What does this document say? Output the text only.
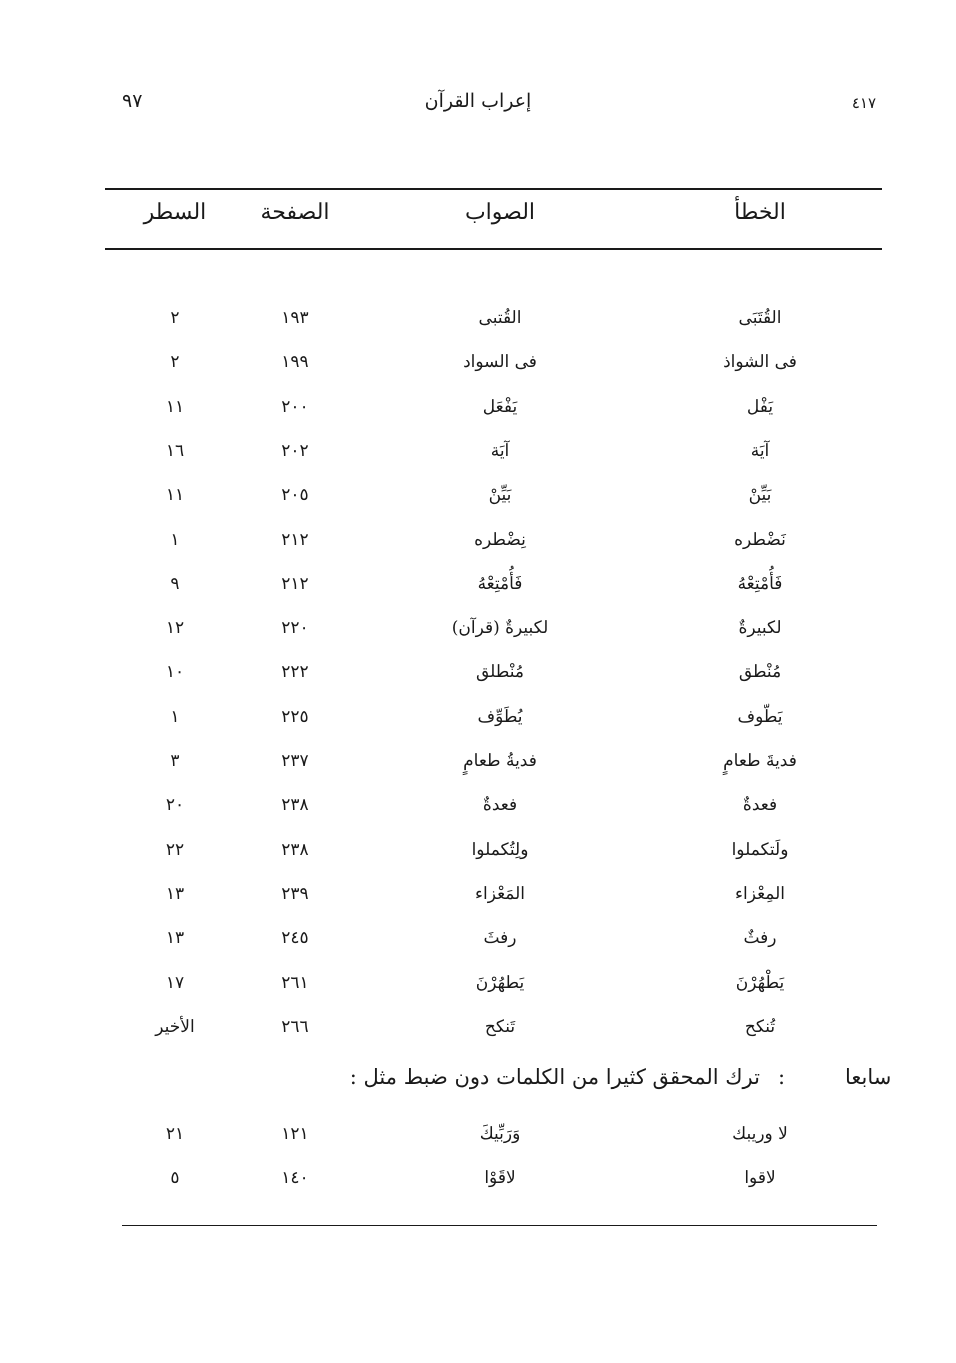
٩٧	إعراب القرآن	٤١٧
الخطأ
الصواب
الصفحة
السطر
القُتَبَى
القُتبى
١٩٣
٢
فى الشواذ
فى السواد
١٩٩
٢
يَفْل
يَفْعَل
٢٠٠
١١
آيَة
آيَة
٢٠٢
١٦
بَيِّنْ
بَيِّنْ
٢٠٥
١١
نَضْطره
نِضْطره
٢١٢
١
فَأُمْتِعْهُ
فَأُمْتِعْهُ
٢١٢
٩
لكبيرةٌ
لكبيرةٌ (قرآن)
٢٢٠
١٢
مُنْطق
مُنْطلق
٢٢٢
١٠
يَطّوف
يُطَوِّف
٢٢٥
١
فديةَ طعامٍ
فديةُ طعامٍ
٢٣٧
٣
فعدةٌ
فعدةٌ
٢٣٨
٢٠
ولَتكملوا
ولِتُكملوا
٢٣٨
٢٢
المِعْزاء
المَعْزاء
٢٣٩
١٣
رفثٌ
رفثَ
٢٤٥
١٣
يَطْهُرْنَ
يَطهُرْنَ
٢٦١
١٧
تُنكح
تَنكح
٢٦٦
الأخير
سابعا
:
ترك المحقق كثيرا من الكلمات دون ضبط مثل :
لا وريبك
وَرَبِّيكَ
١٢١
٢١
لاقوا
لاقَوْا
١٤٠
٥
